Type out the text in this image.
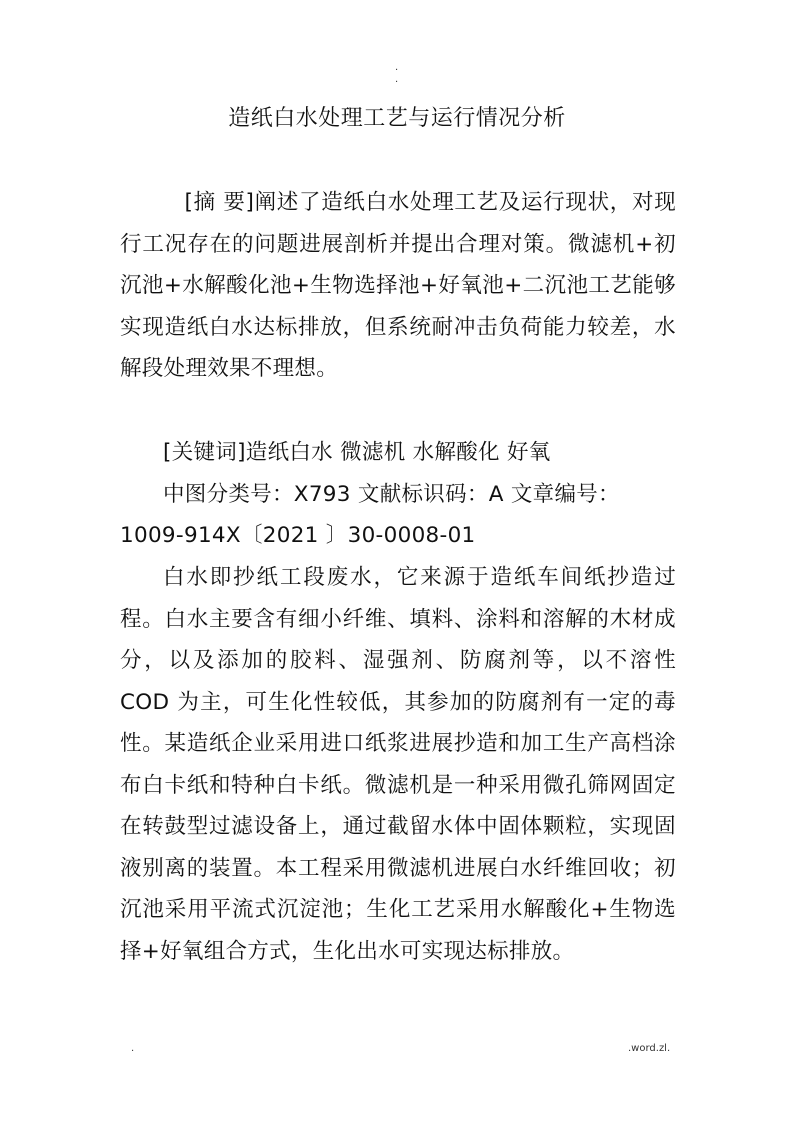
.
.
造纸白水处理工艺与运行情况分析

[摘 要]阐述了造纸白水处理工艺及运行现状，对现行工况存在的问题进展剖析并提出合理对策。微滤机+初沉池+水解酸化池+生物选择池+好氧池+二沉池工艺能够实现造纸白水达标排放，但系统耐冲击负荷能力较差，水解段处理效果不理想。

[关键词]造纸白水 微滤机 水解酸化 好氧

中图分类号：X793 文献标识码：A 文章编号：

1009-914X〔2021 〕30-0008-01

白水即抄纸工段废水，它来源于造纸车间纸抄造过程。白水主要含有细小纤维、填料、涂料和溶解的木材成分，以及添加的胶料、湿强剂、防腐剂等，以不溶性 COD 为主，可生化性较低，其参加的防腐剂有一定的毒性。某造纸企业采用进口纸浆进展抄造和加工生产高档涂布白卡纸和特种白卡纸。微滤机是一种采用微孔筛网固定在转鼓型过滤设备上，通过截留水体中固体颗粒，实现固液别离的装置。本工程采用微滤机进展白水纤维回收；初沉池采用平流式沉淀池；生化工艺采用水解酸化+生物选择+好氧组合方式，生化出水可实现达标排放。

.	.word.zl.
